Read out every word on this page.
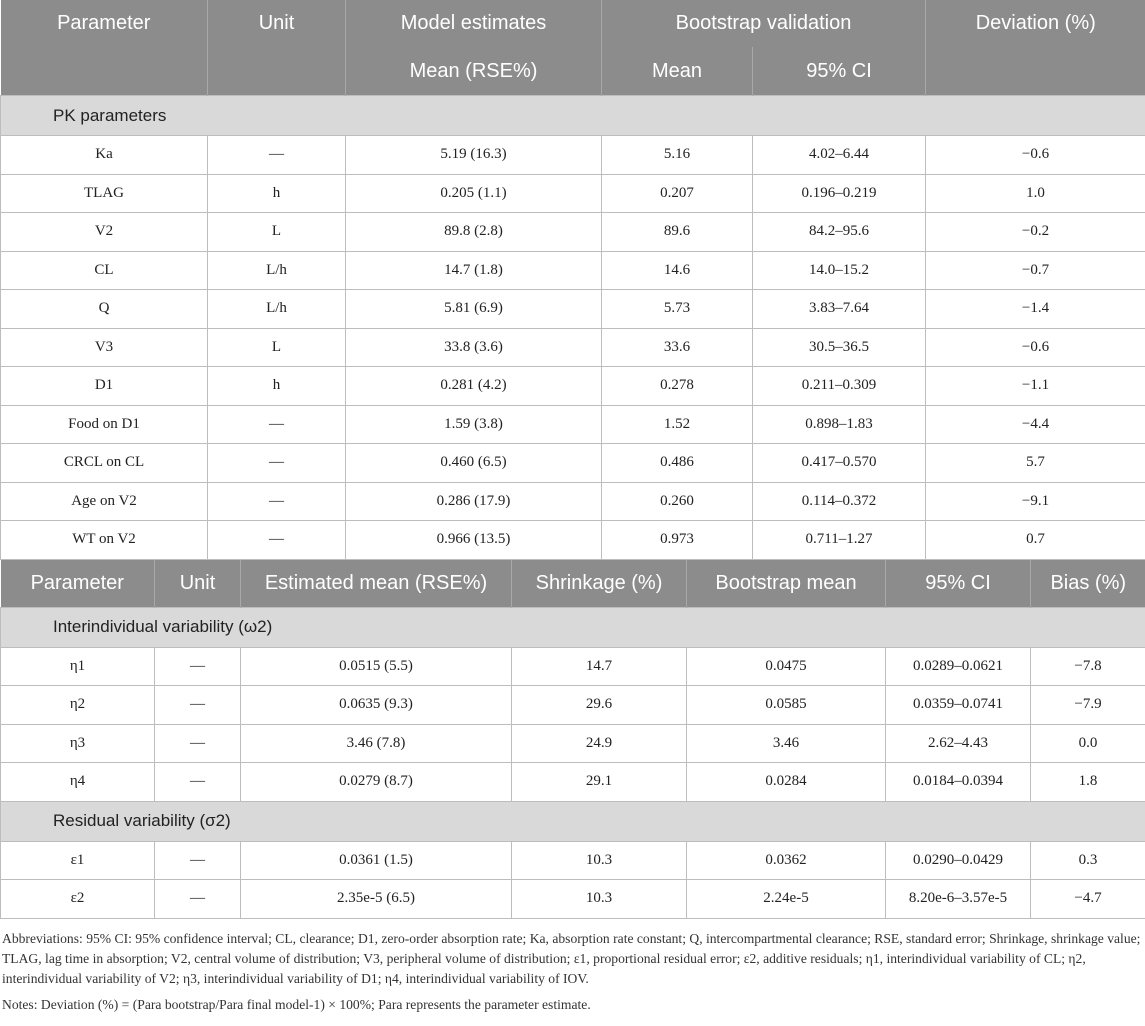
Parameter	Unit	Model estimates	Bootstrap validation		Deviation (%)
		Mean (RSE%)	Mean	95% CI	
PK parameters					
Ka	—	5.19 (16.3)	5.16	4.02–6.44	−0.6
TLAG	h	0.205 (1.1)	0.207	0.196–0.219	1.0
V2	L	89.8 (2.8)	89.6	84.2–95.6	−0.2
CL	L/h	14.7 (1.8)	14.6	14.0–15.2	−0.7
Q	L/h	5.81 (6.9)	5.73	3.83–7.64	−1.4
V3	L	33.8 (3.6)	33.6	30.5–36.5	−0.6
D1	h	0.281 (4.2)	0.278	0.211–0.309	−1.1
Food on D1	—	1.59 (3.8)	1.52	0.898–1.83	−4.4
CRCL on CL	—	0.460 (6.5)	0.486	0.417–0.570	5.7
Age on V2	—	0.286 (17.9)	0.260	0.114–0.372	−9.1
WT on V2	—	0.966 (13.5)	0.973	0.711–1.27	0.7
Parameter	Unit	Estimated mean (RSE%)	Shrinkage (%)	Bootstrap mean	95% CI	Bias (%)
Interindividual variability (ω2)						
η1	—	0.0515 (5.5)	14.7	0.0475	0.0289–0.0621	−7.8
η2	—	0.0635 (9.3)	29.6	0.0585	0.0359–0.0741	−7.9
η3	—	3.46 (7.8)	24.9	3.46	2.62–4.43	0.0
η4	—	0.0279 (8.7)	29.1	0.0284	0.0184–0.0394	1.8
Residual variability (σ2)						
ε1	—	0.0361 (1.5)	10.3	0.0362	0.0290–0.0429	0.3
ε2	—	2.35e-5 (6.5)	10.3	2.24e-5	8.20e-6–3.57e-5	−4.7

Abbreviations: 95% CI: 95% confidence interval; CL, clearance; D1, zero-order absorption rate; Ka, absorption rate constant; Q, intercompartmental clearance; RSE, standard error; Shrinkage, shrinkage value; TLAG, lag time in absorption; V2, central volume of distribution; V3, peripheral volume of distribution; ε1, proportional residual error; ε2, additive residuals; η1, interindividual variability of CL; η2, interindividual variability of V2; η3, interindividual variability of D1; η4, interindividual variability of IOV.

Notes: Deviation (%) = (Para bootstrap/Para final model-1) × 100%; Para represents the parameter estimate.
